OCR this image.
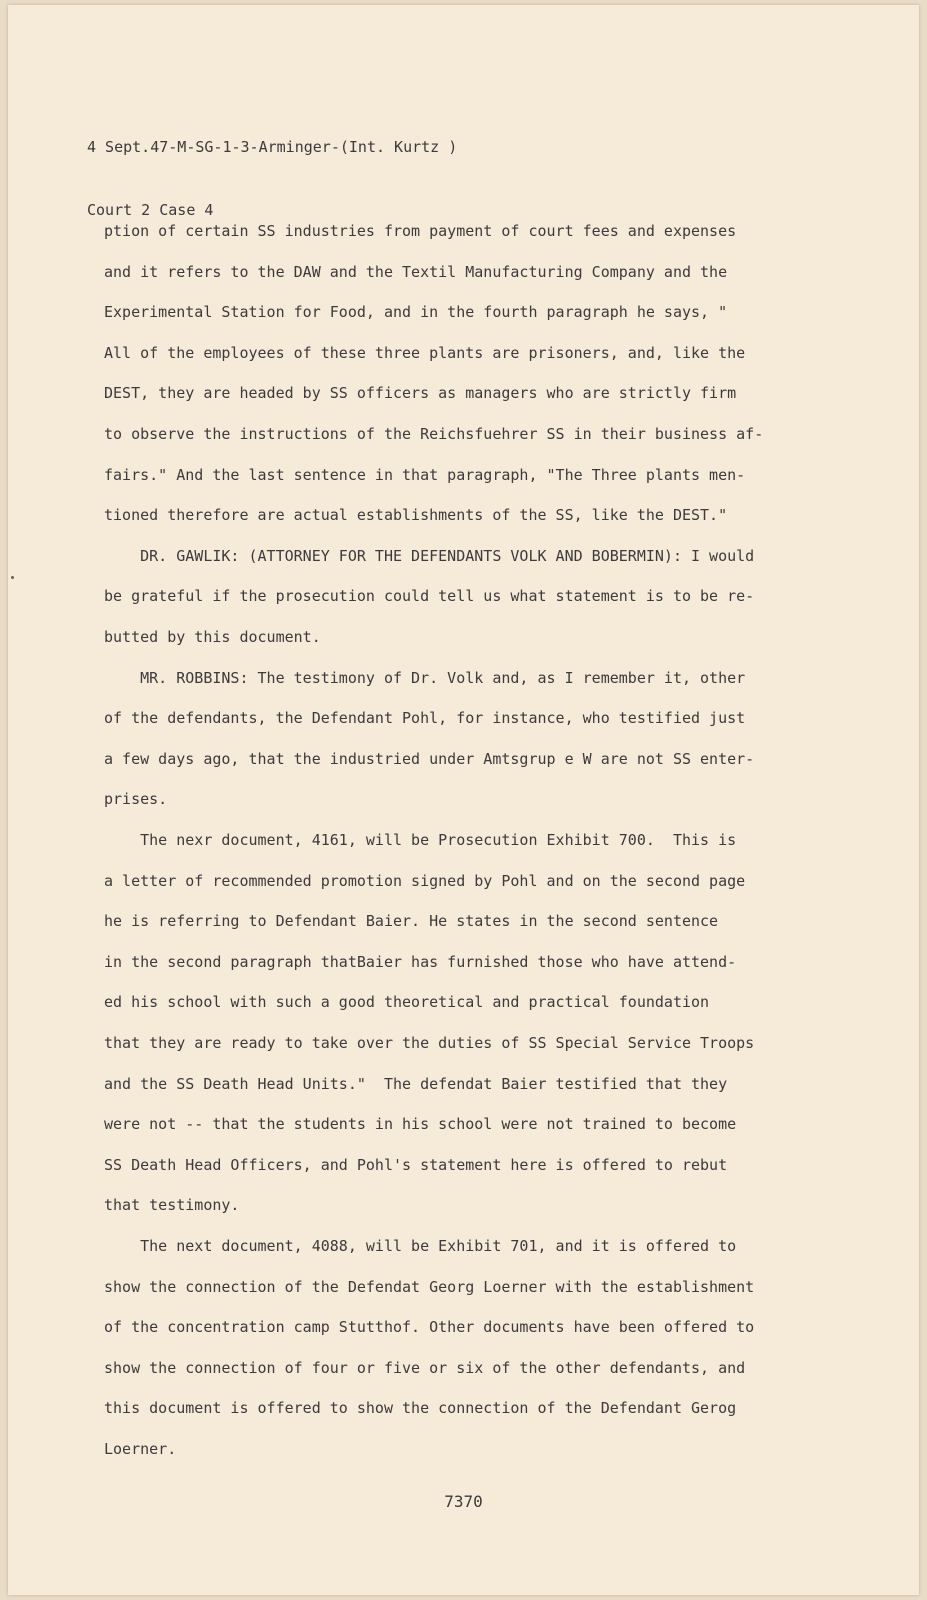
4 Sept.47-M-SG-1-3-Arminger-(Int. Kurtz )

Court 2 Case 4

ption of certain SS industries from payment of court fees and expenses
and it refers to the DAW and the Textil Manufacturing Company and the
Experimental Station for Food, and in the fourth paragraph he says, "
All of the employees of these three plants are prisoners, and, like the
DEST, they are headed by SS officers as managers who are strictly firm
to observe the instructions of the Reichsfuehrer SS in their business af-
fairs." And the last sentence in that paragraph, "The Three plants men-
tioned therefore are actual establishments of the SS, like the DEST."
DR. GAWLIK: (ATTORNEY FOR THE DEFENDANTS VOLK AND BOBERMIN): I would
be grateful if the prosecution could tell us what statement is to be re-
butted by this document.
MR. ROBBINS: The testimony of Dr. Volk and, as I remember it, other
of the defendants, the Defendant Pohl, for instance, who testified just
a few days ago, that the industried under Amtsgrup e W are not SS enter-
prises.
The nexr document, 4161, will be Prosecution Exhibit 700.  This is
a letter of recommended promotion signed by Pohl and on the second page
he is referring to Defendant Baier. He states in the second sentence
in the second paragraph thatBaier has furnished those who have attend-
ed his school with such a good theoretical and practical foundation
that they are ready to take over the duties of SS Special Service Troops
and the SS Death Head Units."  The defendat Baier testified that they
were not -- that the students in his school were not trained to become
SS Death Head Officers, and Pohl's statement here is offered to rebut
that testimony.
The next document, 4088, will be Exhibit 701, and it is offered to
show the connection of the Defendat Georg Loerner with the establishment
of the concentration camp Stutthof. Other documents have been offered to
show the connection of four or five or six of the other defendants, and
this document is offered to show the connection of the Defendant Gerog
Loerner.
7370
